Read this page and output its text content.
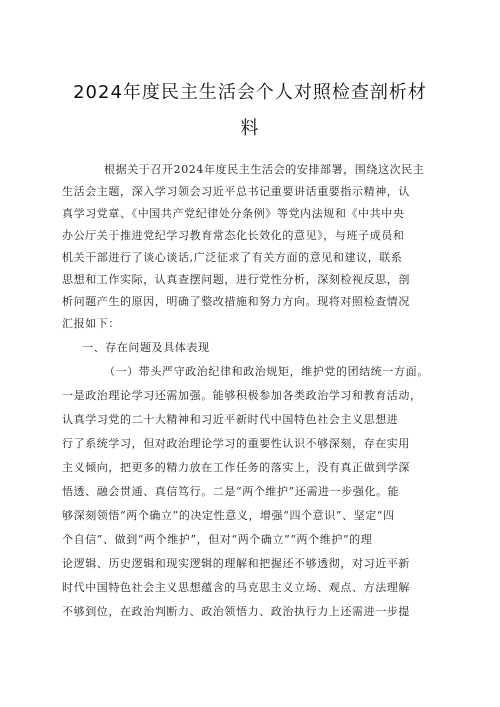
2024年度民主生活会个人对照检查剖析材
料
根据关于召开2024年度民主生活会的安排部署，围绕这次民主
生活会主题，深入学习领会习近平总书记重要讲话重要指示精神，认
真学习党章、《中国共产党纪律处分条例》等党内法规和《中共中央
办公厅关于推进党纪学习教育常态化长效化的意见》，与班子成员和
机关干部进行了谈心谈话,广泛征求了有关方面的意见和建议，联系
思想和工作实际，认真查摆问题，进行党性分析，深刻检视反思，剖
析问题产生的原因，明确了整改措施和努力方向。现将对照检查情况
汇报如下：
一、存在问题及具体表现
（一）带头严守政治纪律和政治规矩，维护党的团结统一方面。
一是政治理论学习还需加强。能够积极参加各类政治学习和教育活动，
认真学习党的二十大精神和习近平新时代中国特色社会主义思想进
行了系统学习，但对政治理论学习的重要性认识不够深刻，存在实用
主义倾向，把更多的精力放在工作任务的落实上，没有真正做到学深
悟透、融会贯通、真信笃行。二是“两个维护”还需进一步强化。能
够深刻领悟“两个确立”的决定性意义，增强“四个意识”、坚定“四
个自信”、做到“两个维护”，但对“两个确立”“两个维护”的理
论逻辑、历史逻辑和现实逻辑的理解和把握还不够透彻，对习近平新
时代中国特色社会主义思想蕴含的马克思主义立场、观点、方法理解
不够到位，在政治判断力、政治领悟力、政治执行力上还需进一步提
